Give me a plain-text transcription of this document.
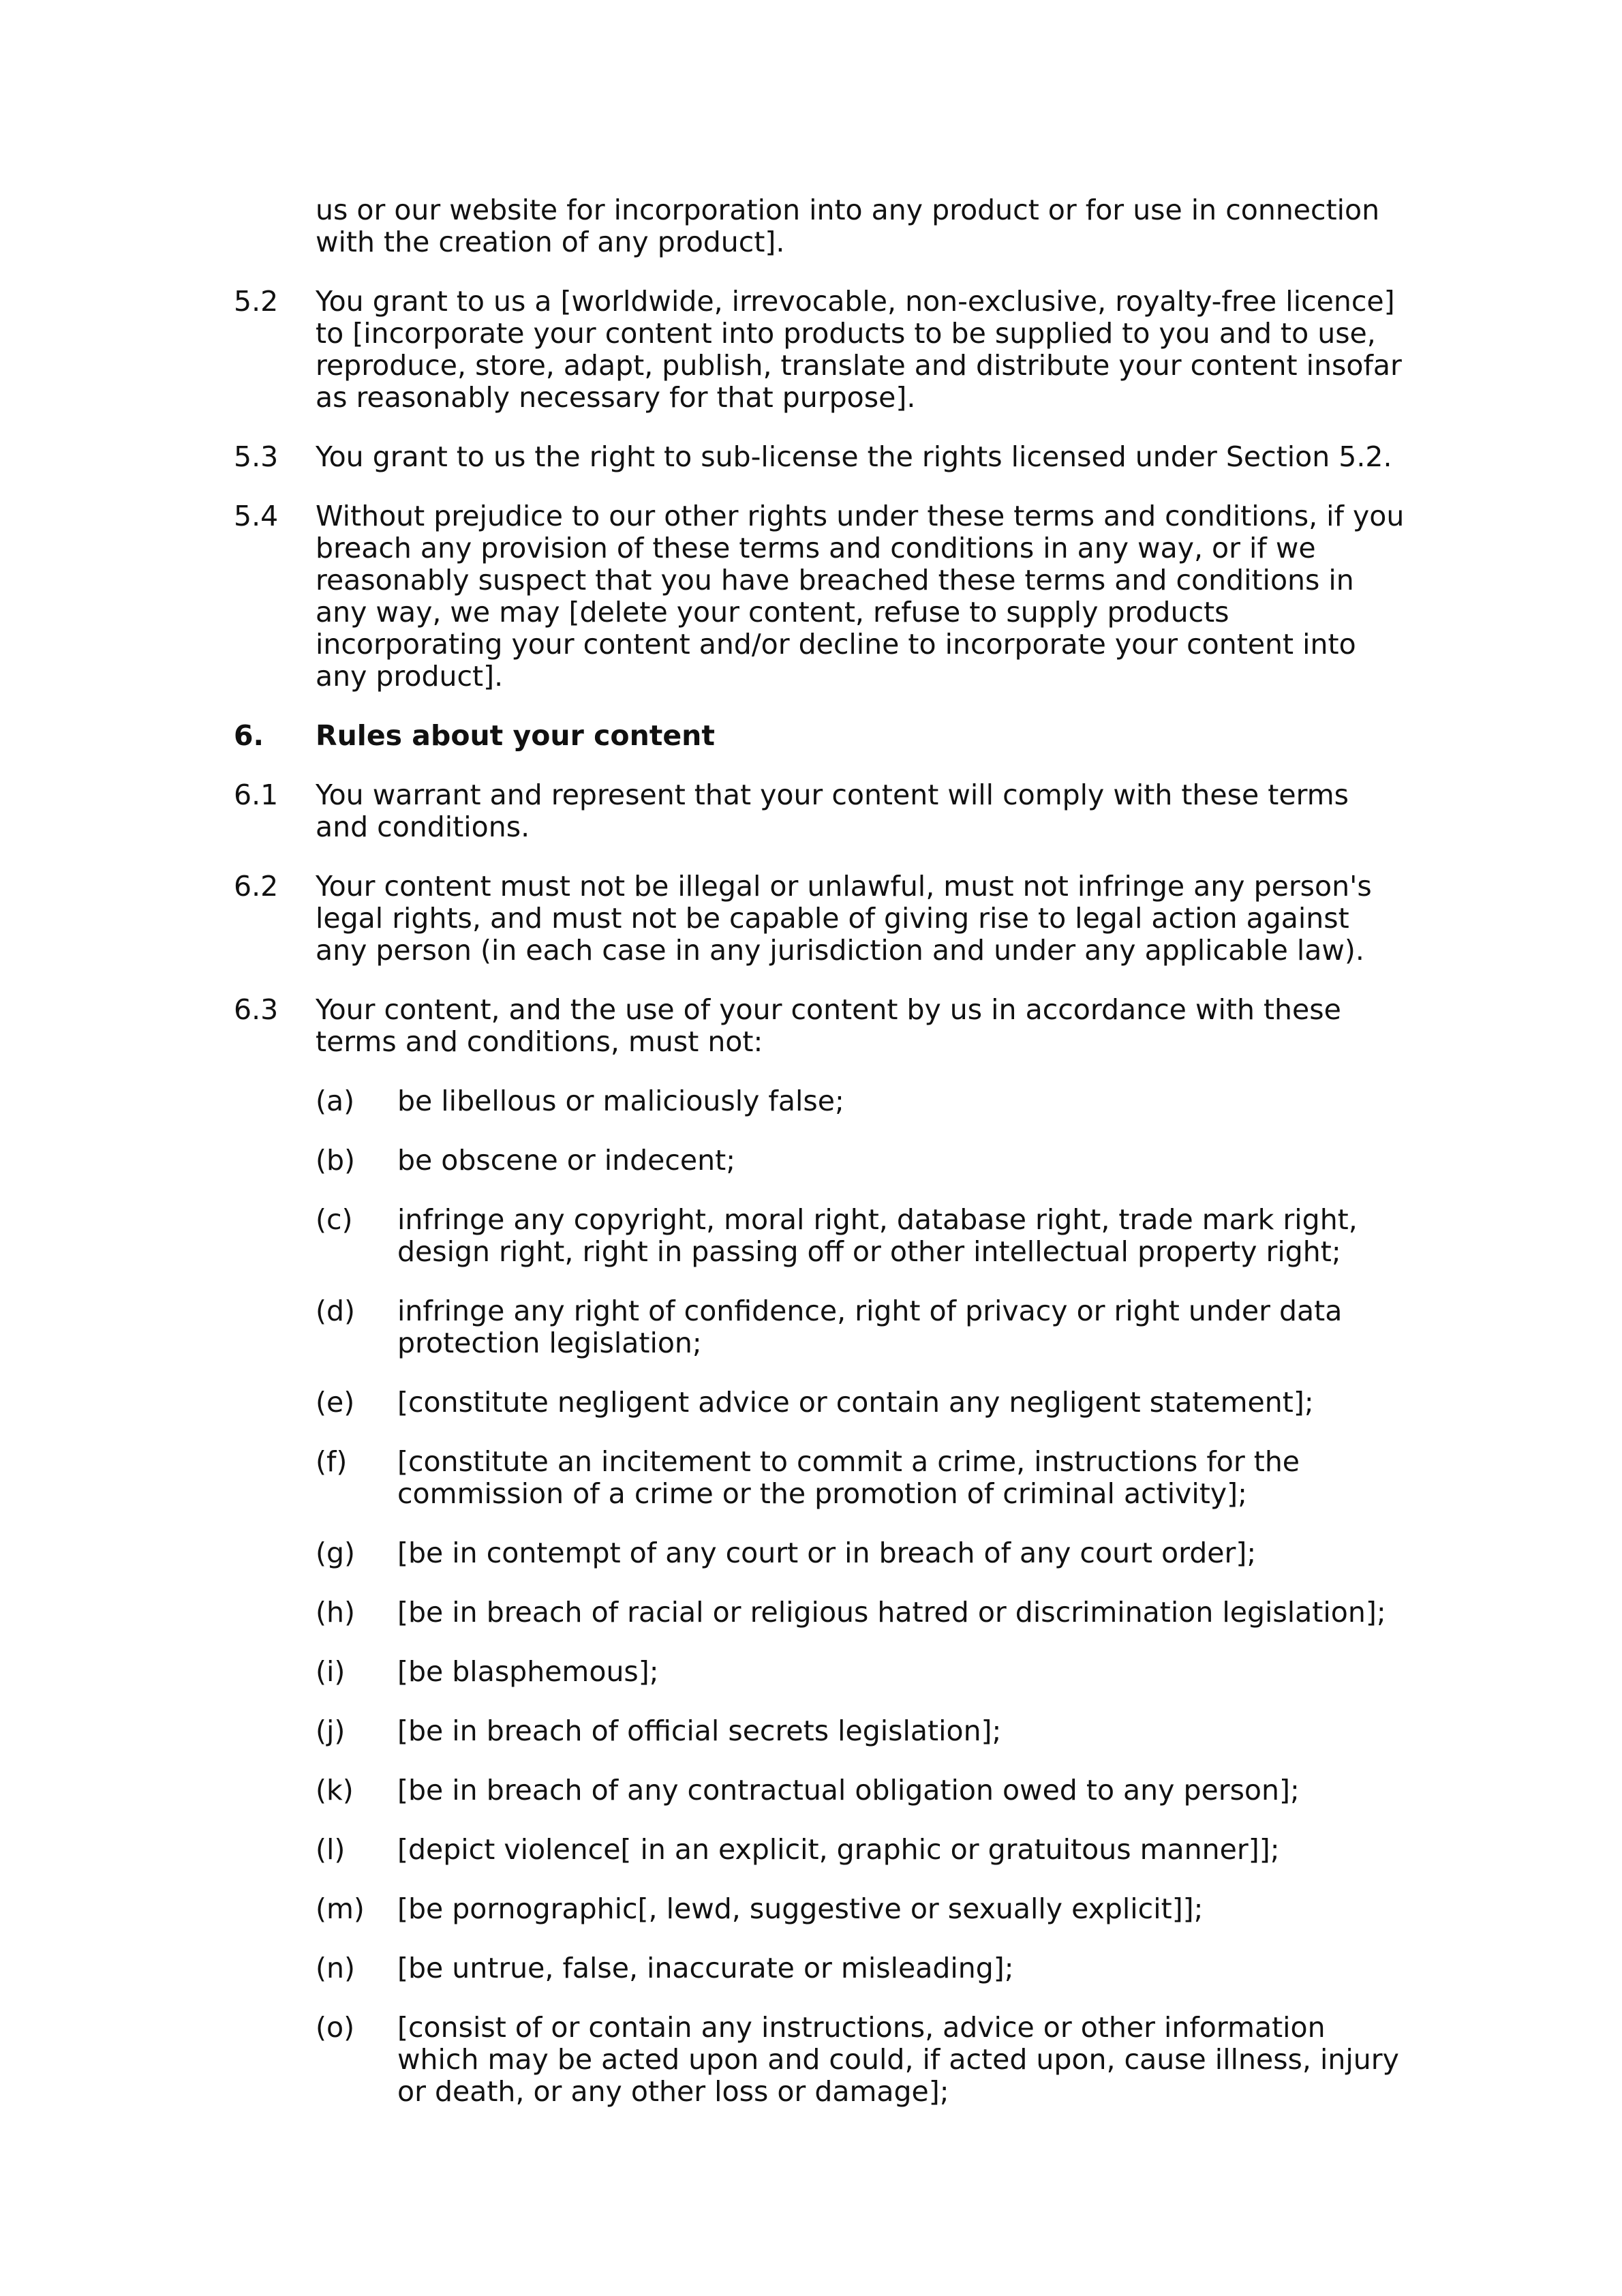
us or our website for incorporation into any product or for use in connection with the creation of any product].
5.2 You grant to us a [worldwide, irrevocable, non-exclusive, royalty-free licence] to [incorporate your content into products to be supplied to you and to use, reproduce, store, adapt, publish, translate and distribute your content insofar as reasonably necessary for that purpose].
5.3 You grant to us the right to sub-license the rights licensed under Section 5.2.
5.4 Without prejudice to our other rights under these terms and conditions, if you breach any provision of these terms and conditions in any way, or if we reasonably suspect that you have breached these terms and conditions in any way, we may [delete your content, refuse to supply products incorporating your content and/or decline to incorporate your content into any product].
6. Rules about your content
6.1 You warrant and represent that your content will comply with these terms and conditions.
6.2 Your content must not be illegal or unlawful, must not infringe any person's legal rights, and must not be capable of giving rise to legal action against any person (in each case in any jurisdiction and under any applicable law).
6.3 Your content, and the use of your content by us in accordance with these terms and conditions, must not:
(a) be libellous or maliciously false;
(b) be obscene or indecent;
(c) infringe any copyright, moral right, database right, trade mark right, design right, right in passing off or other intellectual property right;
(d) infringe any right of confidence, right of privacy or right under data protection legislation;
(e) [constitute negligent advice or contain any negligent statement];
(f) [constitute an incitement to commit a crime, instructions for the commission of a crime or the promotion of criminal activity];
(g) [be in contempt of any court or in breach of any court order];
(h) [be in breach of racial or religious hatred or discrimination legislation];
(i) [be blasphemous];
(j) [be in breach of official secrets legislation];
(k) [be in breach of any contractual obligation owed to any person];
(l) [depict violence[ in an explicit, graphic or gratuitous manner]];
(m) [be pornographic[, lewd, suggestive or sexually explicit]];
(n) [be untrue, false, inaccurate or misleading];
(o) [consist of or contain any instructions, advice or other information which may be acted upon and could, if acted upon, cause illness, injury or death, or any other loss or damage];
